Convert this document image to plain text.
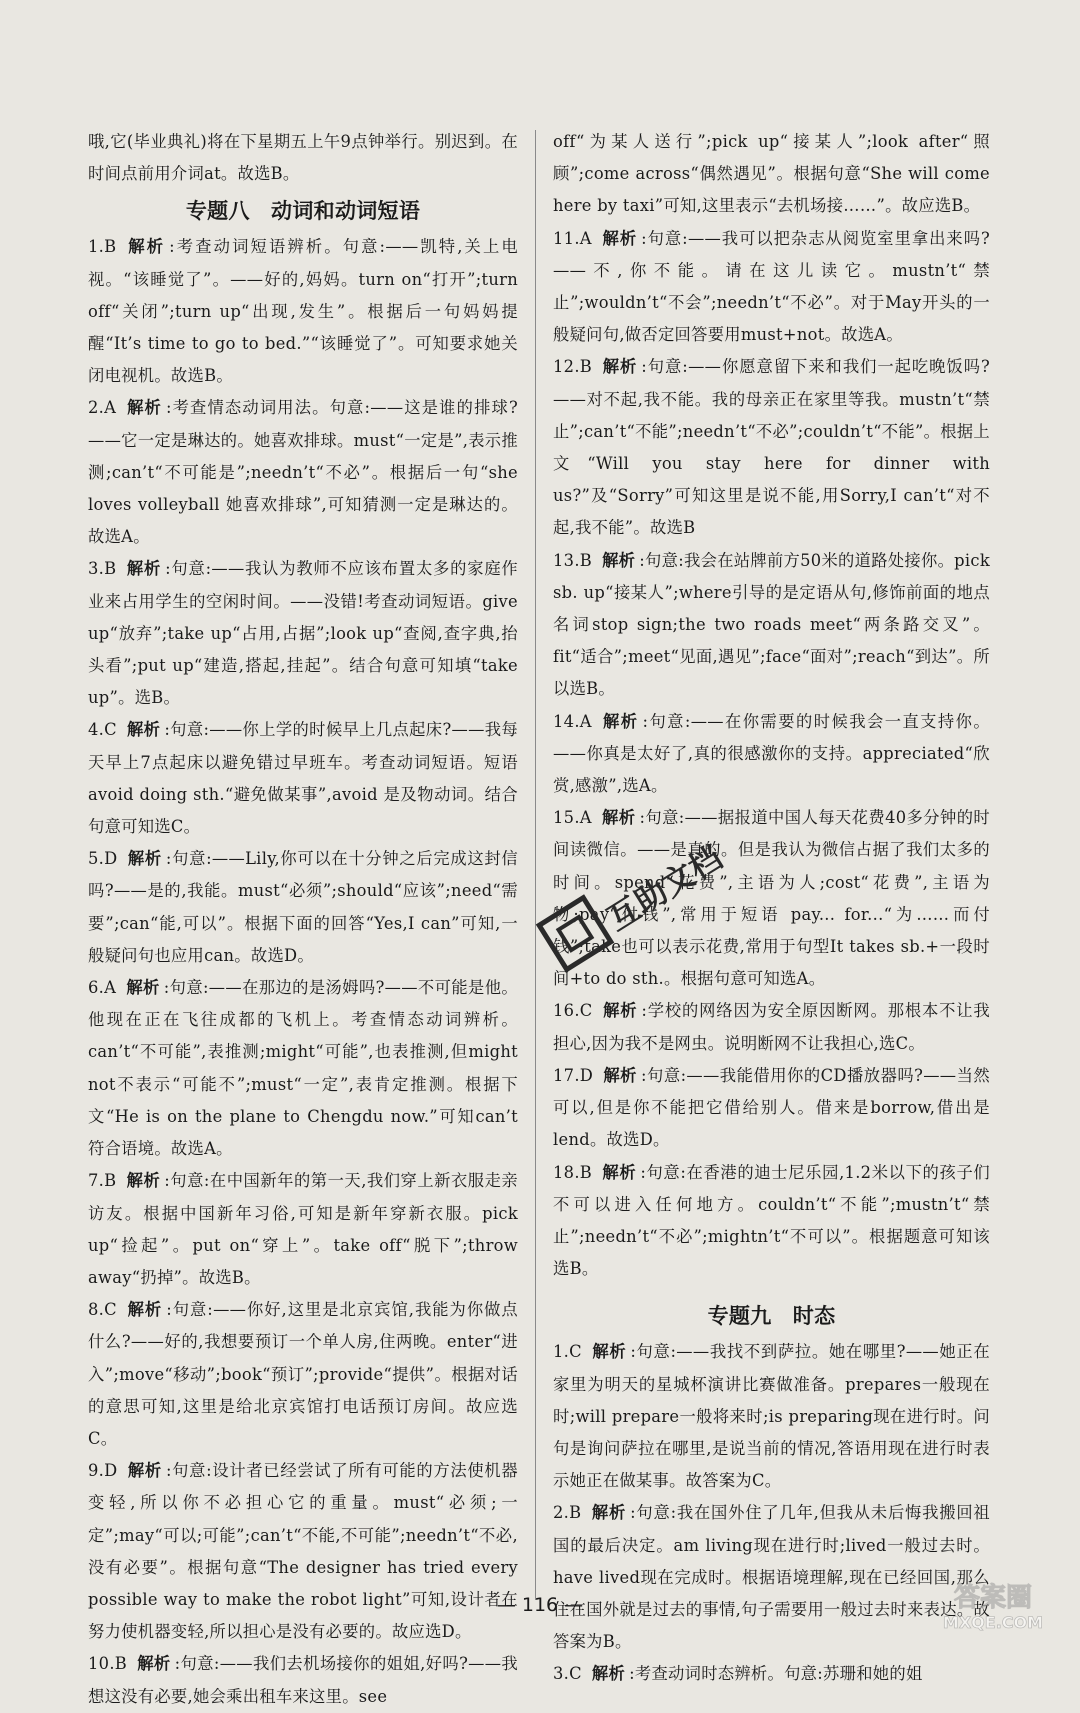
哦,它(毕业典礼)将在下星期五上午9点钟举行。别迟到。在时间点前用介词at。故选B。

专题八　动词和动词短语

1.B 解析 :考查动词短语辨析。句意:——凯特,关上电视。“该睡觉了”。——好的,妈妈。turn on“打开”;turn off“关闭”;turn up“出现,发生”。根据后一句妈妈提醒“It’s time to go to bed.”“该睡觉了”。可知要求她关闭电视机。故选B。

2.A 解析 :考查情态动词用法。句意:——这是谁的排球?——它一定是琳达的。她喜欢排球。must“一定是”,表示推测;can’t“不可能是”;needn’t“不必”。根据后一句“she loves volleyball 她喜欢排球”,可知猜测一定是琳达的。故选A。

3.B 解析 :句意:——我认为教师不应该布置太多的家庭作业来占用学生的空闲时间。——没错!考查动词短语。give up“放弃”;take up“占用,占据”;look up“查阅,查字典,抬头看”;put up“建造,搭起,挂起”。结合句意可知填“take up”。选B。

4.C 解析 :句意:——你上学的时候早上几点起床?——我每天早上7点起床以避免错过早班车。考查动词短语。短语 avoid doing sth.“避免做某事”,avoid 是及物动词。结合句意可知选C。

5.D 解析 :句意:——Lily,你可以在十分钟之后完成这封信吗?——是的,我能。must“必须”;should“应该”;need“需要”;can“能,可以”。根据下面的回答“Yes,I can”可知,一般疑问句也应用can。故选D。

6.A 解析 :句意:——在那边的是汤姆吗?——不可能是他。他现在正在飞往成都的飞机上。考查情态动词辨析。can’t“不可能”,表推测;might“可能”,也表推测,但might not不表示“可能不”;must“一定”,表肯定推测。根据下文“He is on the plane to Chengdu now.”可知can’t符合语境。故选A。

7.B 解析 :句意:在中国新年的第一天,我们穿上新衣服走亲访友。根据中国新年习俗,可知是新年穿新衣服。pick up“捡起”。put on“穿上”。take off“脱下”;throw away“扔掉”。故选B。

8.C 解析 :句意:——你好,这里是北京宾馆,我能为你做点什么?——好的,我想要预订一个单人房,住两晚。enter“进入”;move“移动”;book“预订”;provide“提供”。根据对话的意思可知,这里是给北京宾馆打电话预订房间。故应选C。

9.D 解析 :句意:设计者已经尝试了所有可能的方法使机器变轻,所以你不必担心它的重量。must“必须;一定”;may“可以;可能”;can’t“不能,不可能”;needn’t“不必,没有必要”。根据句意“The designer has tried every possible way to make the robot light”可知,设计者在努力使机器变轻,所以担心是没有必要的。故应选D。

10.B 解析 :句意:——我们去机场接你的姐姐,好吗?——我想这没有必要,她会乘出租车来这里。see

off“为某人送行”;pick up“接某人”;look after“照顾”;come across“偶然遇见”。根据句意“She will come here by taxi”可知,这里表示“去机场接……”。故应选B。

11.A 解析 :句意:——我可以把杂志从阅览室里拿出来吗?——不,你不能。请在这儿读它。mustn’t“禁止”;wouldn’t“不会”;needn’t“不必”。对于May开头的一般疑问句,做否定回答要用must+not。故选A。

12.B 解析 :句意:——你愿意留下来和我们一起吃晚饭吗?——对不起,我不能。我的母亲正在家里等我。mustn’t“禁止”;can’t“不能”;needn’t“不必”;couldn’t“不能”。根据上文“Will you stay here for dinner with us?”及“Sorry”可知这里是说不能,用Sorry,I can’t“对不起,我不能”。故选B

13.B 解析 :句意:我会在站牌前方50米的道路处接你。pick sb. up“接某人”;where引导的是定语从句,修饰前面的地点名词stop sign;the two roads meet“两条路交叉”。fit“适合”;meet“见面,遇见”;face“面对”;reach“到达”。所以选B。

14.A 解析 :句意:——在你需要的时候我会一直支持你。——你真是太好了,真的很感激你的支持。appreciated“欣赏,感激”,选A。

15.A 解析 :句意:——据报道中国人每天花费40多分钟的时间读微信。——是真的。但是我认为微信占据了我们太多的时间。spend“花费”,主语为人;cost“花费”,主语为物;pay“付钱”,常用于短语 pay... for...“为……而付钱”;take也可以表示花费,常用于句型It takes sb.+一段时间+to do sth.。根据句意可知选A。

16.C 解析 :学校的网络因为安全原因断网。那根本不让我担心,因为我不是网虫。说明断网不让我担心,选C。

17.D 解析 :句意:——我能借用你的CD播放器吗?——当然可以,但是你不能把它借给别人。借来是borrow,借出是lend。故选D。

18.B 解析 :句意:在香港的迪士尼乐园,1.2米以下的孩子们不可以进入任何地方。couldn’t“不能”;mustn’t“禁止”;needn’t“不必”;mightn’t“不可以”。根据题意可知该选B。

专题九　时态

1.C 解析 :句意:——我找不到萨拉。她在哪里?——她正在家里为明天的星城杯演讲比赛做准备。prepares一般现在时;will prepare一般将来时;is preparing现在进行时。问句是询问萨拉在哪里,是说当前的情况,答语用现在进行时表示她正在做某事。故答案为C。

2.B 解析 :句意:我在国外住了几年,但我从未后悔我搬回祖国的最后决定。am living现在进行时;lived一般过去时。have lived现在完成时。根据语境理解,现在已经回国,那么住在国外就是过去的事情,句子需要用一般过去时来表达。故答案为B。

3.C 解析 :考查动词时态辨析。句意:苏珊和她的姐

— 116 —
互助文档
答案圈
MXQE.COM
